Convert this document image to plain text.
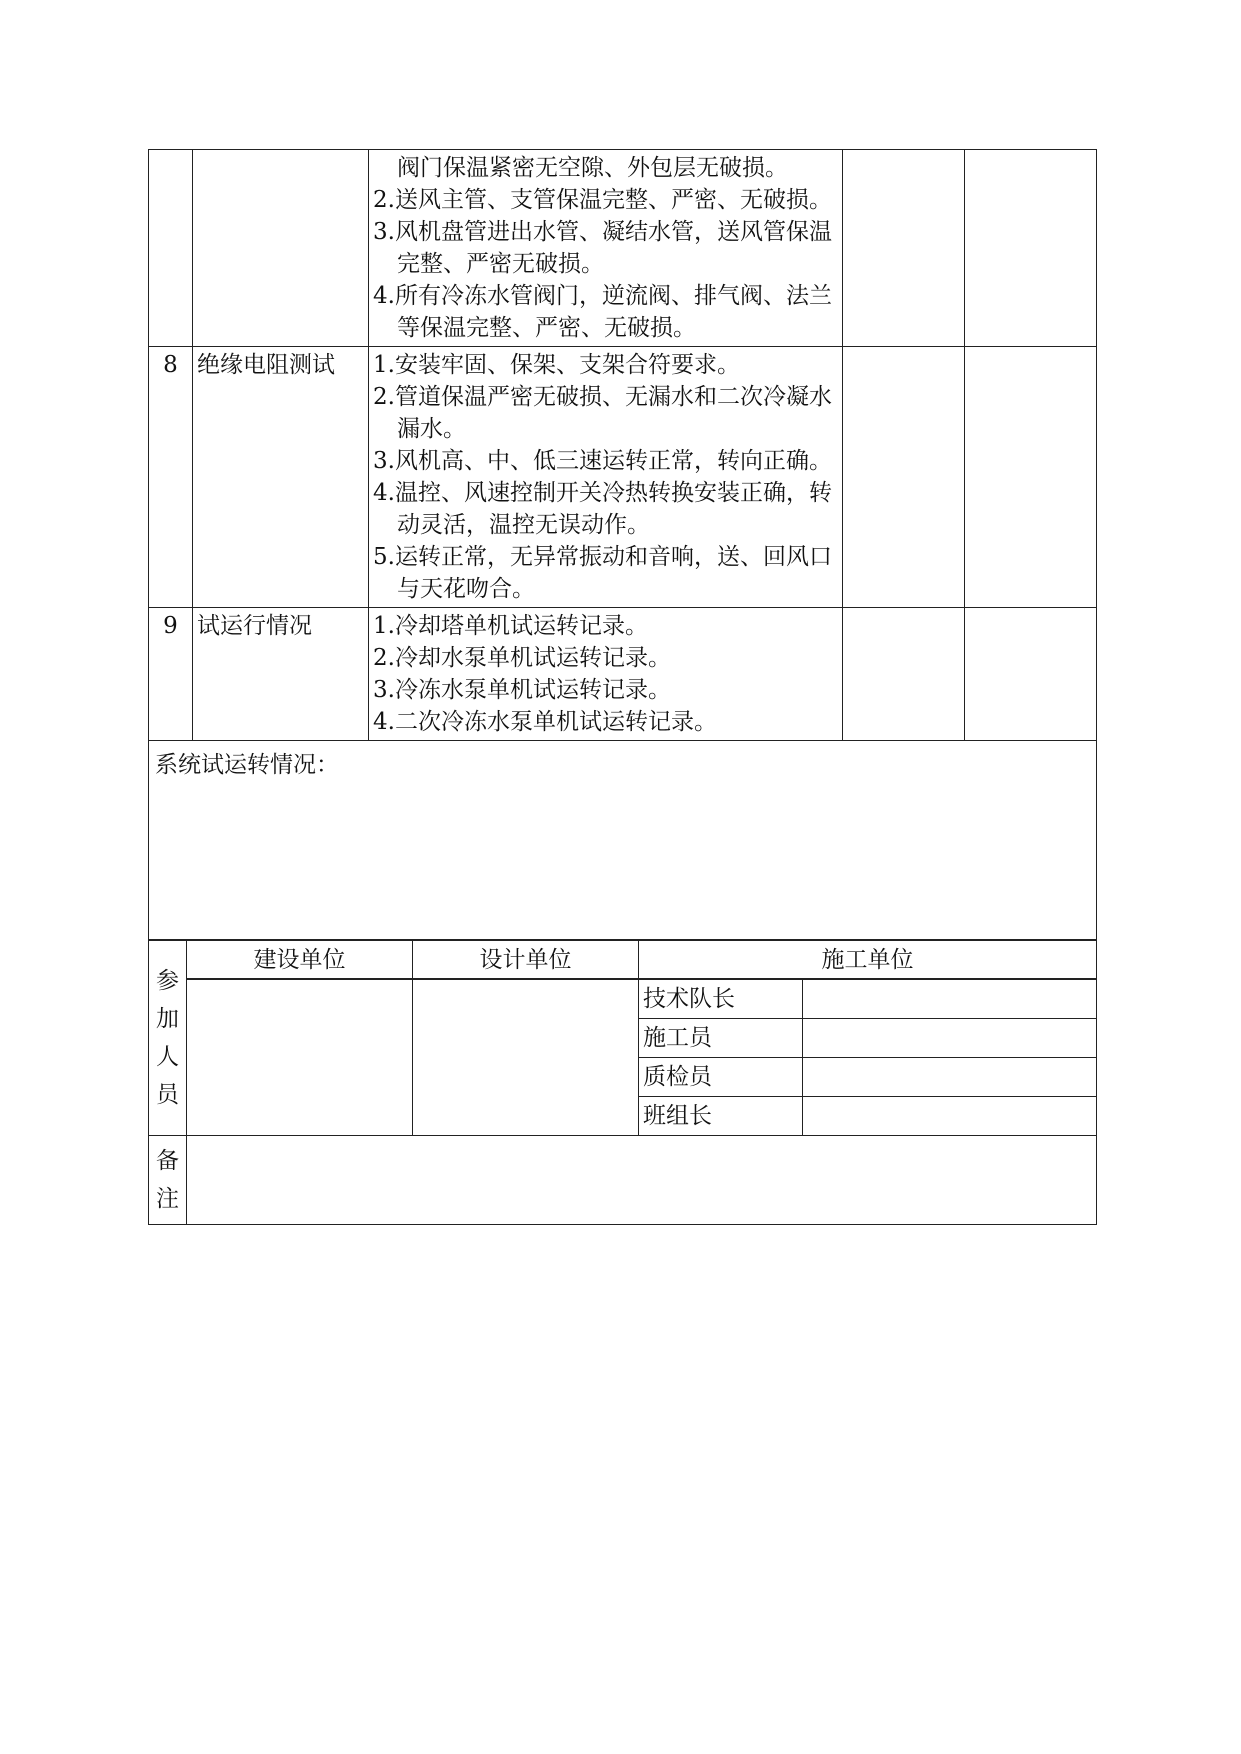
		阀门保温紧密无空隙、外包层无破损。
2.送风主管、支管保温完整、严密、无破损。
3.风机盘管进出水管、凝结水管，送风管保温完整、严密无破损。
4.所有冷冻水管阀门，逆流阀、排气阀、法兰等保温完整、严密、无破损。		

8	绝缘电阻测试	1.安装牢固、保架、支架合符要求。
2.管道保温严密无破损、无漏水和二次冷凝水漏水。
3.风机高、中、低三速运转正常，转向正确。
4.温控、风速控制开关冷热转换安装正确，转动灵活，温控无误动作。
5.运转正常，无异常振动和音响，送、回风口与天花吻合。		

9	试运行情况	1.冷却塔单机试运转记录。
2.冷却水泵单机试运转记录。
3.冷冻水泵单机试运转记录。
4.二次冷冻水泵单机试运转记录。		

系统试运转情况：				
参
加
人
员	建设单位	设计单位	施工单位	
			技术队长	
			施工员	
			质检员	
			班组长	

备
注				
